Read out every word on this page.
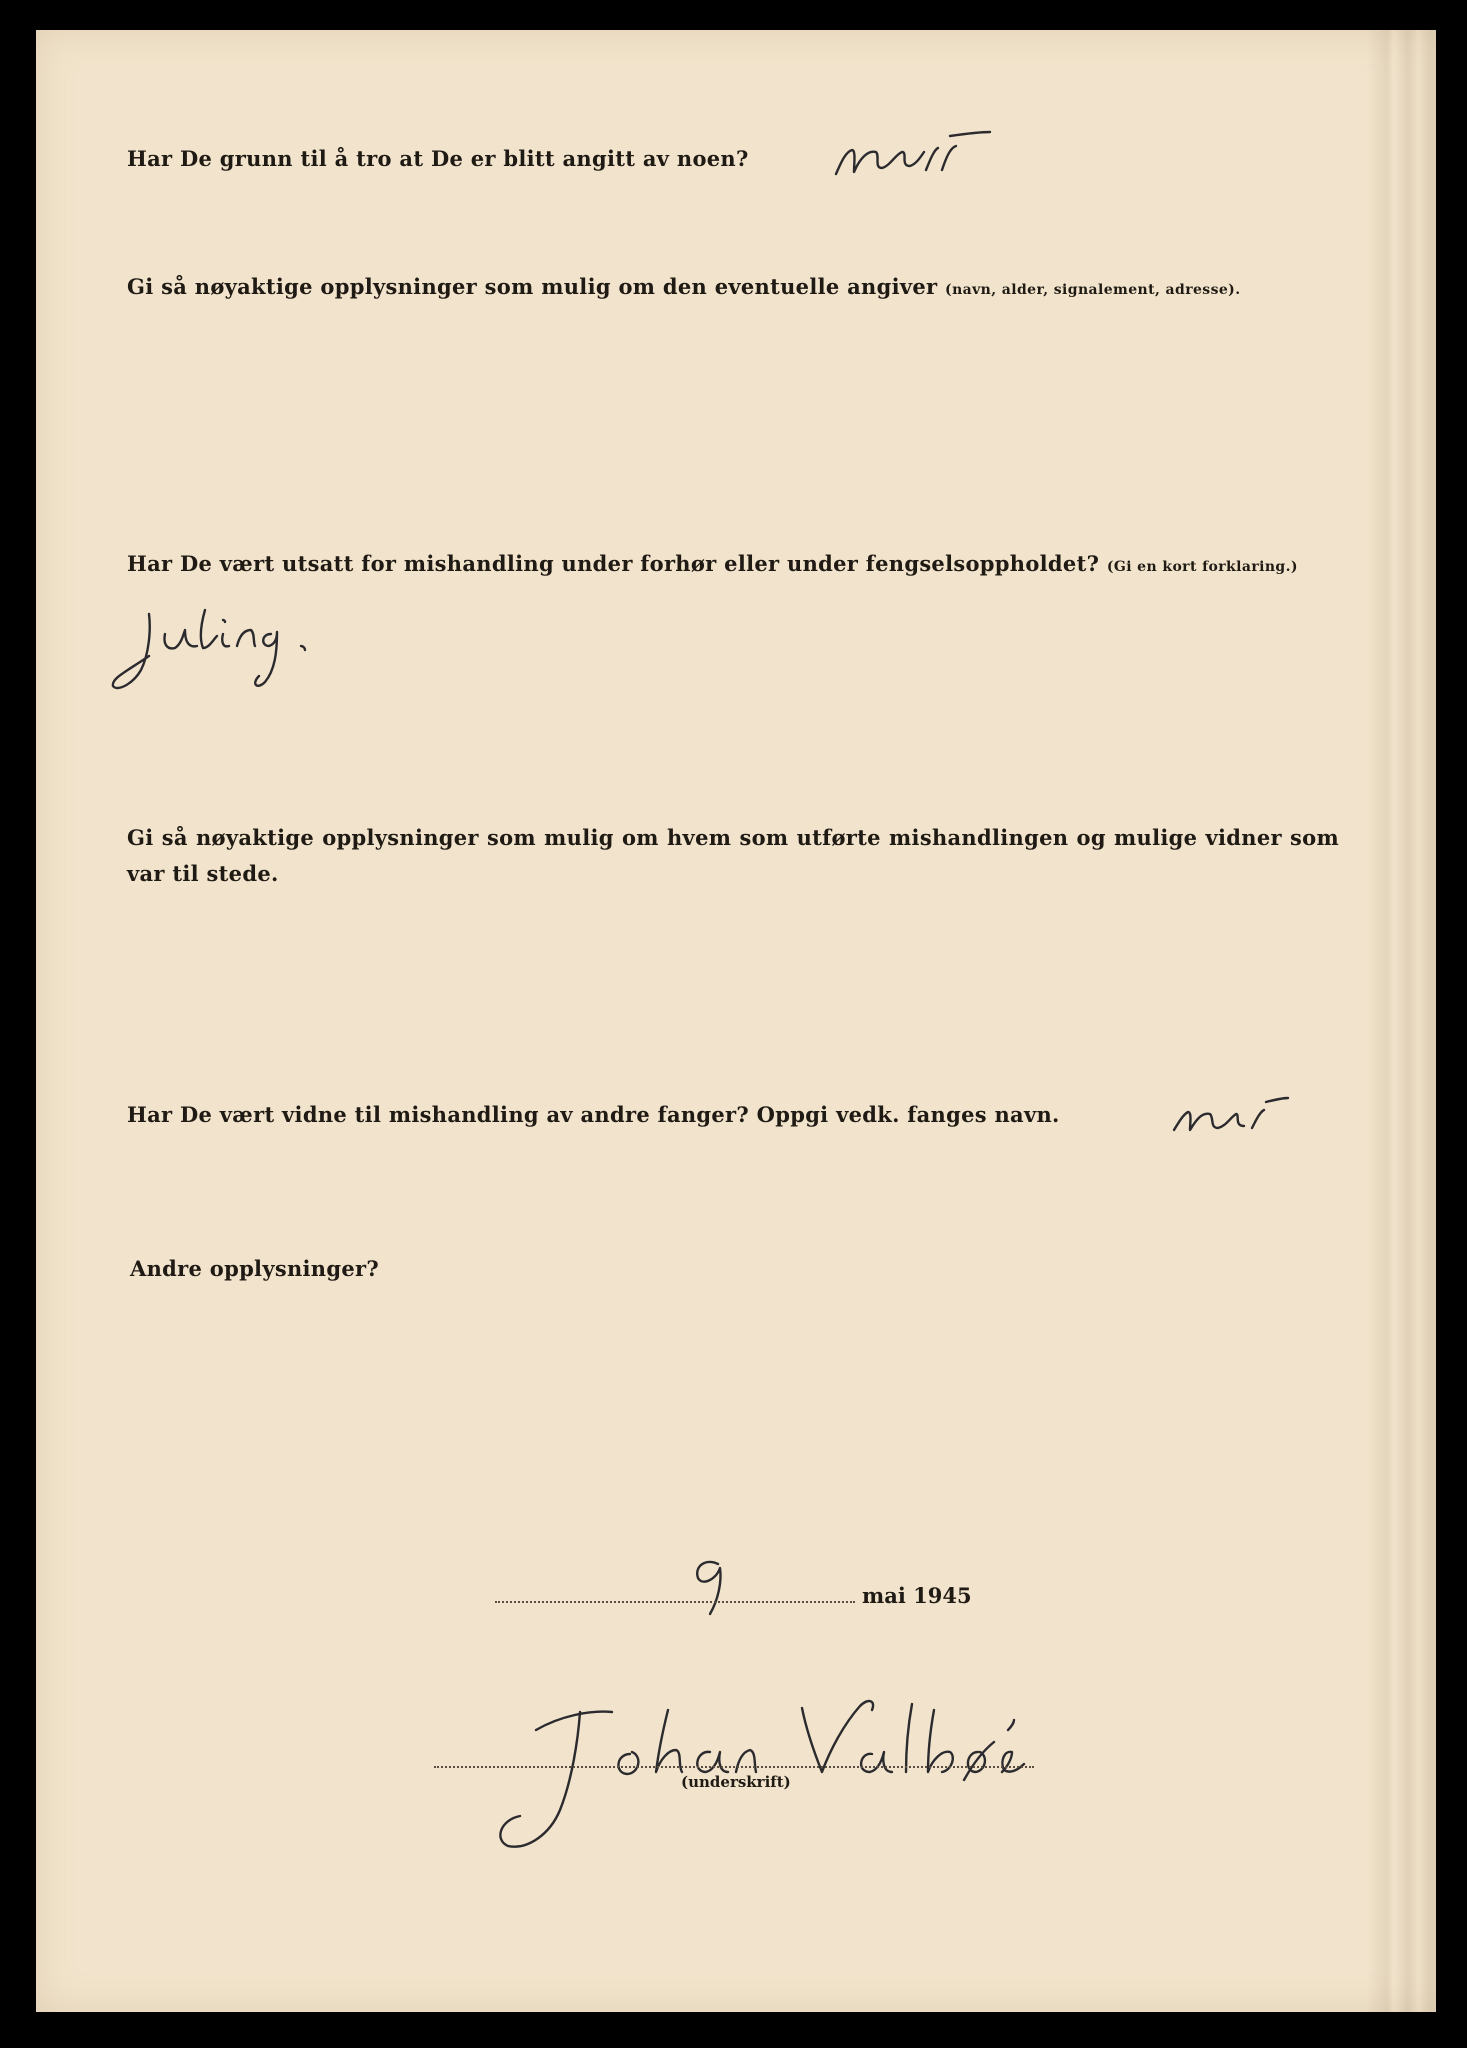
Har De grunn til å tro at De er blitt angitt av noen?
Gi så nøyaktige opplysninger som mulig om den eventuelle angiver (navn, alder, signalement, adresse).
Har De vært utsatt for mishandling under forhør eller under fengselsoppholdet? (Gi en kort forklaring.)
Gi så nøyaktige opplysninger som mulig om hvem som utførte mishandlingen og mulige vidner som var til stede.
Har De vært vidne til mishandling av andre fanger? Oppgi vedk. fanges navn.
Andre opplysninger?
mai 1945
(underskrift)
